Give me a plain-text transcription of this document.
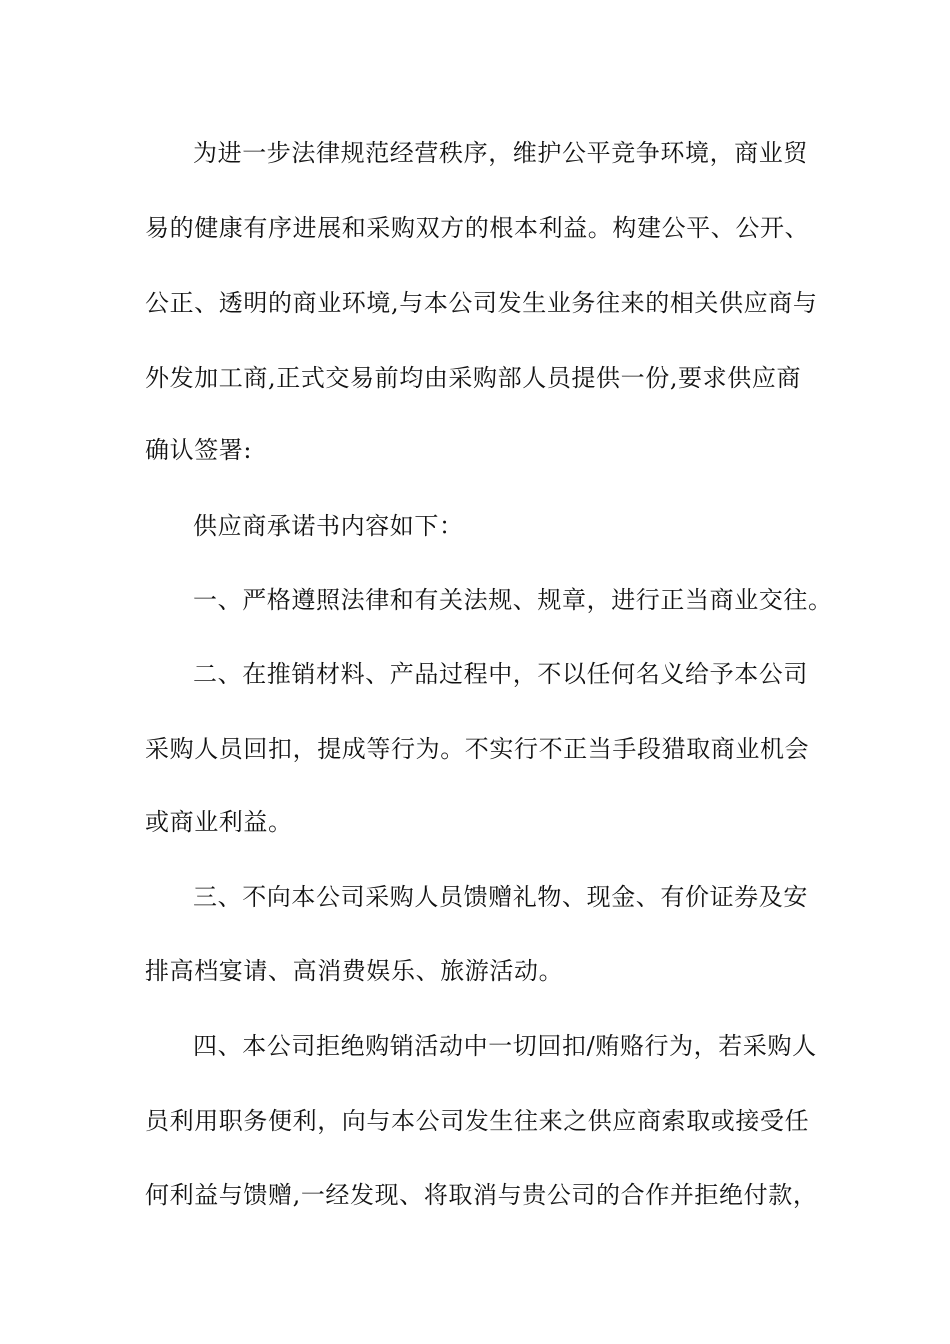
为进一步法律规范经营秩序，维护公平竞争环境，商业贸

易的健康有序进展和采购双方的根本利益。构建公平、公开、

公正、透明的商业环境,与本公司发生业务往来的相关供应商与

外发加工商,正式交易前均由采购部人员提供一份,要求供应商

确认签署:

供应商承诺书内容如下：

一、严格遵照法律和有关法规、规章，进行正当商业交往。

二、在推销材料、产品过程中，不以任何名义给予本公司

采购人员回扣，提成等行为。不实行不正当手段猎取商业机会

或商业利益。

三、不向本公司采购人员馈赠礼物、现金、有价证券及安

排高档宴请、高消费娱乐、旅游活动。

四、本公司拒绝购销活动中一切回扣/贿赂行为，若采购人

员利用职务便利，向与本公司发生往来之供应商索取或接受任

何利益与馈赠,一经发现、将取消与贵公司的合作并拒绝付款，
